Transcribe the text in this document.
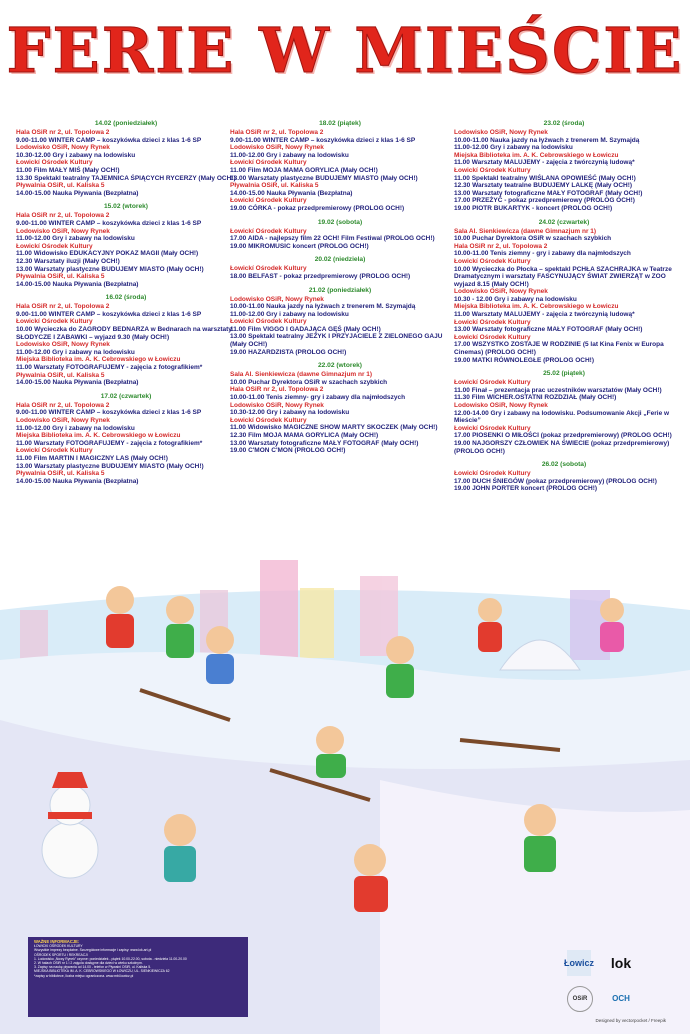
FERIE W MIEŚCIE
14.02 (poniedziałek)
Hala OSiR nr 2, ul. Topolowa 2
9.00-11.00 WINTER CAMP – koszykówka dzieci z klas 1-6 SP
Lodowisko OSiR, Nowy Rynek
10.30-12.00 Gry i zabawy na lodowisku
Łowickí Ośrodek Kultury
11.00 Film MAŁY MIŚ (Mały OCH!)
13.30 Spektakl teatralny TAJEMNICA ŚPIĄCYCH RYCERZY (Mały OCH!)
Pływalnia OSiR, ul. Kaliska 5
14.00-15.00 Nauka Pływania (Bezpłatna)
15.02 (wtorek)
Hala OSiR nr 2, ul. Topolowa 2
9.00-11.00 WINTER CAMP – koszykówka dzieci z klas 1-6 SP
Lodowisko OSiR, Nowy Rynek
11.00-12.00 Gry i zabawy na lodowisku
Łowickí Ośrodek Kultury
11.00 Widowisko EDUKACYJNY POKAZ MAGII (Mały OCH!)
12.30 Warsztaty iluzji (Mały OCH!)
13.00 Warsztaty plastyczne BUDUJEMY MIASTO (Mały OCH!)
Pływalnia OSiR, ul. Kaliska 5
14.00-15.00 Nauka Pływania (Bezpłatna)
16.02 (środa)
Hala OSiR nr 2, ul. Topolowa 2
9.00-11.00 WINTER CAMP – koszykówka dzieci z klas 1-6 SP
Łowickí Ośrodek Kultury
10.00 Wycieczka do ZAGRODY BEDNARZA w Bednarach na warsztaty SŁODYCZE I ZABAWKI – wyjazd 9.30 (Mały OCH!)
Lodowisko OSiR, Nowy Rynek
11.00-12.00 Gry i zabawy na lodowisku
Miejska Biblioteka im. A. K. Cebrowskiego w Łowiczu
11.00 Warsztaty FOTOGRAFUJEMY - zajęcia z fotografikiem*
Pływalnia OSiR, ul. Kaliska 5
14.00-15.00 Nauka Pływania (Bezpłatna)
17.02 (czwartek)
Hala OSiR nr 2, ul. Topolowa 2
9.00-11.00 WINTER CAMP – koszykówka dzieci z klas 1-6 SP
Lodowisko OSiR, Nowy Rynek
11.00-12.00 Gry i zabawy na lodowisku
Miejska Biblioteka im. A. K. Cebrowskiego w Łowiczu
11.00 Warsztaty FOTOGRAFUJEMY - zajęcia z fotografikiem*
Łowickí Ośrodek Kultury
11.00 Film MARTIN I MAGICZNY LAS (Mały OCH!)
13.00 Warsztaty plastyczne BUDUJEMY MIASTO (Mały OCH!)
Pływalnia OSiR, ul. Kaliska 5
14.00-15.00 Nauka Pływania (Bezpłatna)
18.02 (piątek)
Hala OSiR nr 2, ul. Topolowa 2
9.00-11.00 WINTER CAMP – koszykówka dzieci z klas 1-6 SP
Lodowisko OSiR, Nowy Rynek
11.00-12.00 Gry i zabawy na lodowisku
Łowickí Ośrodek Kultury
11.00 Film MOJA MAMA GORYLICA (Mały OCH!)
13.00 Warsztaty plastyczne BUDUJEMY MIASTO (Mały OCH!)
Pływalnia OSiR, ul. Kaliska 5
14.00-15.00 Nauka Pływania (Bezpłatna)
Łowickí Ośrodek Kultury
19.00 CÓRKA - pokaz przedpremierowy (PROLOG OCH!)
19.02 (sobota)
Łowickí Ośrodek Kultury
17.00 AIDA - najlepszy film 22 OCH! Film Festiwal (PROLOG OCH!)
19.00 MIKROMUSIC koncert (PROLOG OCH!)
20.02 (niedziela)
Łowickí Ośrodek Kultury
18.00 BELFAST - pokaz przedpremierowy (PROLOG OCH!)
21.02 (poniedziałek)
Lodowisko OSiR, Nowy Rynek
10.00-11.00 Nauka jazdy na łyżwach z trenerem M. Szymajdą
11.00-12.00 Gry i zabawy na lodowisku
Łowickí Ośrodek Kultury
11.00 Film VIGGO I GADAJĄCA GĘŚ (Mały OCH!)
13.00 Spektakl teatralny JEŻYK I PRZYJACIELE Z ZIELONEGO GAJU (Mały OCH!)
19.00 HAZARDZISTA (PROLOG OCH!)
22.02 (wtorek)
Sala Al. Sienkiewicza (dawne Gimnazjum nr 1)
10.00 Puchar Dyrektora OSiR w szachach szybkich
Hala OSiR nr 2, ul. Topolowa 2
10.00-11.00 Tenis ziemny- gry i zabawy dla najmłodszych
Lodowisko OSiR, Nowy Rynek
10.30-12.00 Gry i zabawy na lodowisku
Łowickí Ośrodek Kultury
11.00 Widowisko MAGICZNE SHOW MARTY SKOCZEK (Mały OCH!)
12.30 Film MOJA MAMA GORYLICA (Mały OCH!)
13.00 Warsztaty fotograficzne MAŁY FOTOGRAF (Mały OCH!)
19.00 C'MON C'MON (PROLOG OCH!)
23.02 (środa)
Lodowisko OSiR, Nowy Rynek
10.00-11.00 Nauka jazdy na łyżwach z trenerem M. Szymajdą
11.00-12.00 Gry i zabawy na lodowisku
Miejska Biblioteka im. A. K. Cebrowskiego w Łowiczu
11.00 Warsztaty MALUJEMY - zajęcia z twórczynią ludową*
Łowickí Ośrodek Kultury
11.00 Spektakl teatralny WIŚLANA OPOWIEŚĆ (Mały OCH!)
12.30 Warsztaty teatralne BUDUJEMY LALKĘ (Mały OCH!)
13.00 Warsztaty fotograficzne MAŁY FOTOGRAF (Mały OCH!)
17.00 PRZEŻYĆ - pokaz przedpremierowy (PROLOG OCH!)
19.00 PIOTR BUKARTYK - koncert (PROLOG OCH!)
24.02 (czwartek)
Sala Al. Sienkiewicza (dawne Gimnazjum nr 1)
10.00 Puchar Dyrektora OSiR w szachach szybkich
Hala OSiR nr 2, ul. Topolowa 2
10.00-11.00 Tenis ziemny - gry i zabawy dla najmłodszych
Łowickí Ośrodek Kultury
10.00 Wycieczka do Płocka – spektakl PCHŁA SZACHRAJKA w Teatrze Dramatycznym i warsztaty FASCYNUJĄCY ŚWIAT ZWIERZĄT w ZOO wyjazd 8.15 (Mały OCH!)
Lodowisko OSiR, Nowy Rynek
10.30 - 12.00 Gry i zabawy na lodowisku
Miejska Biblioteka im. A. K. Cebrowskiego w Łowiczu
11.00 Warsztaty MALUJEMY - zajęcia z twórczynią ludową*
Łowickí Ośrodek Kultury
13.00 Warsztaty fotograficzne MAŁY FOTOGRAF (Mały OCH!)
Łowickí Ośrodek Kultury
17.00 WSZYSTKO ZOSTAJE W RODZINIE (5 lat Kina Fenix w Europa Cinemas) (PROLOG OCH!)
19.00 MATKI RÓWNOLEGŁE (PROLOG OCH!)
25.02 (piątek)
Łowickí Ośrodek Kultury
11.00 Finał – prezentacja prac uczestników warsztatów (Mały OCH!)
11.30 Film WICHER.OSTATNI ROZDZIAŁ (Mały OCH!)
Lodowisko OSiR, Nowy Rynek
12.00-14.00 Gry i zabawy na lodowisku. Podsumowanie Akcji „Ferie w Mieście”
Łowickí Ośrodek Kultury
17.00 PIOSENKI O MIŁOŚCI (pokaz przedpremierowy) (PROLOG OCH!)
19.00 NAJGORSZY CZŁOWIEK NA ŚWIECIE (pokaz przedpremierowy) (PROLOG OCH!)
26.02 (sobota)
Łowickí Ośrodek Kultury
17.00 DUCH ŚNIEGÓW (pokaz przedpremierowy) (PROLOG OCH!)
19.00 JOHN PORTER koncert (PROLOG OCH!)
WAŻNE INFORMACJE:
ŁOWICKI OŚRODEK KULTURY
Wszystkie imprezy bezpłatne. Szczegółowe informacje i zapisy: www.lok.art.pl
OŚRODEK SPORTU I REKREACJI
1. Lodowisko „Nowy Rynek” czynne: poniedziałek - piątek 10.00-22.00, sobota - niedziela 11.00-20.00
2. W halach OSiR nr 1 i 2 zajęcia dostępne dla dzieci w wieku szkolnym.
3. Zapisy na naukę pływania od 14.00 - telefon w Pływalni OSiR, ul. Kaliska 5.
MIEJSKA BIBLIOTEKA IM. A. K. CEBROWSKIEGO W ŁOWICZU, UL. SIENKIEWICZA 62
*zapisy w bibliotece, liczba miejsc ograniczona. www.mbl.lowicz.pl
Łowicz	lok
OSiR	OCH
Designed by vectorpocket / Freepik
